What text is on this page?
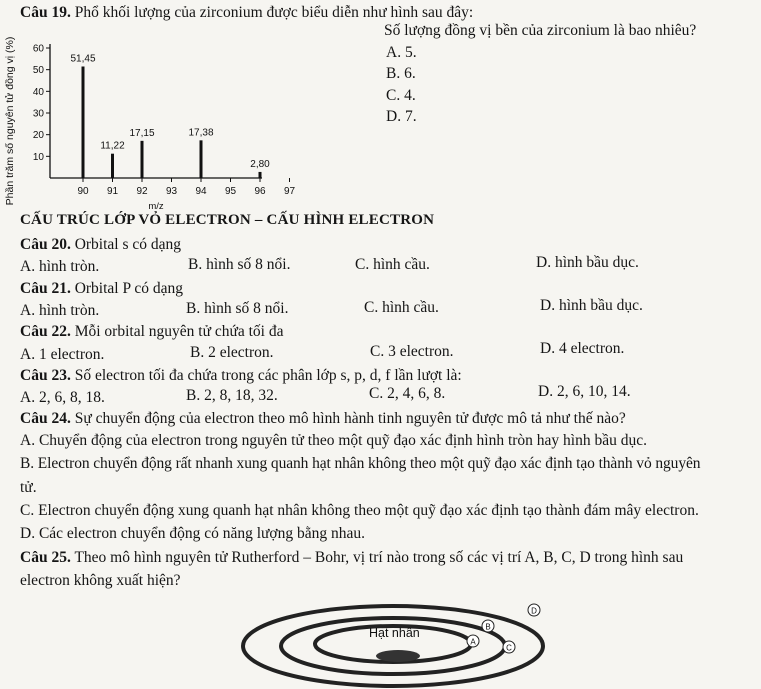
Câu 19. Phổ khối lượng của zirconium được biểu diễn như hình sau đây:
Số lượng đồng vị bền của zirconium là bao nhiêu?
A. 5.
B. 6.
C. 4.
D. 7.
10
20
30
40
50
60
90 91 92 93 94 95 96 97
51,45
11,22
17,15	17,38
2,80
m/z
Phần trăm số nguyên tử đồng vị (%)
CẤU TRÚC LỚP VỎ ELECTRON – CẤU HÌNH ELECTRON
Câu 20. Orbital s có dạng
A. hình tròn.	B. hình số 8 nổi.	C. hình cầu.	D. hình bầu dục.
Câu 21. Orbital P có dạng
A. hình tròn.	B. hình số 8 nổi.	C. hình cầu.	D. hình bầu dục.
Câu 22. Mỗi orbital nguyên tử chứa tối đa
A. 1 electron.	B. 2 electron.	C. 3 electron.	D. 4 electron.
Câu 23. Số electron tối đa chứa trong các phân lớp s, p, d, f lần lượt là:
A. 2, 6, 8, 18.	B. 2, 8, 18, 32.	C. 2, 4, 6, 8.	D. 2, 6, 10, 14.
Câu 24. Sự chuyển động của electron theo mô hình hành tinh nguyên tử được mô tả như thế nào?
A. Chuyển động của electron trong nguyên tử theo một quỹ đạo xác định hình tròn hay hình bầu dục.
B. Electron chuyển động rất nhanh xung quanh hạt nhân không theo một quỹ đạo xác định tạo thành vỏ nguyên
tử.
C. Electron chuyển động xung quanh hạt nhân không theo một quỹ đạo xác định tạo thành đám mây electron.
D. Các electron chuyển động có năng lượng bằng nhau.
Câu 25. Theo mô hình nguyên tử Rutherford – Bohr, vị trí nào trong số các vị trí A, B, C, D trong hình sau
electron không xuất hiện?
Hạt nhân
A
B
C
D
